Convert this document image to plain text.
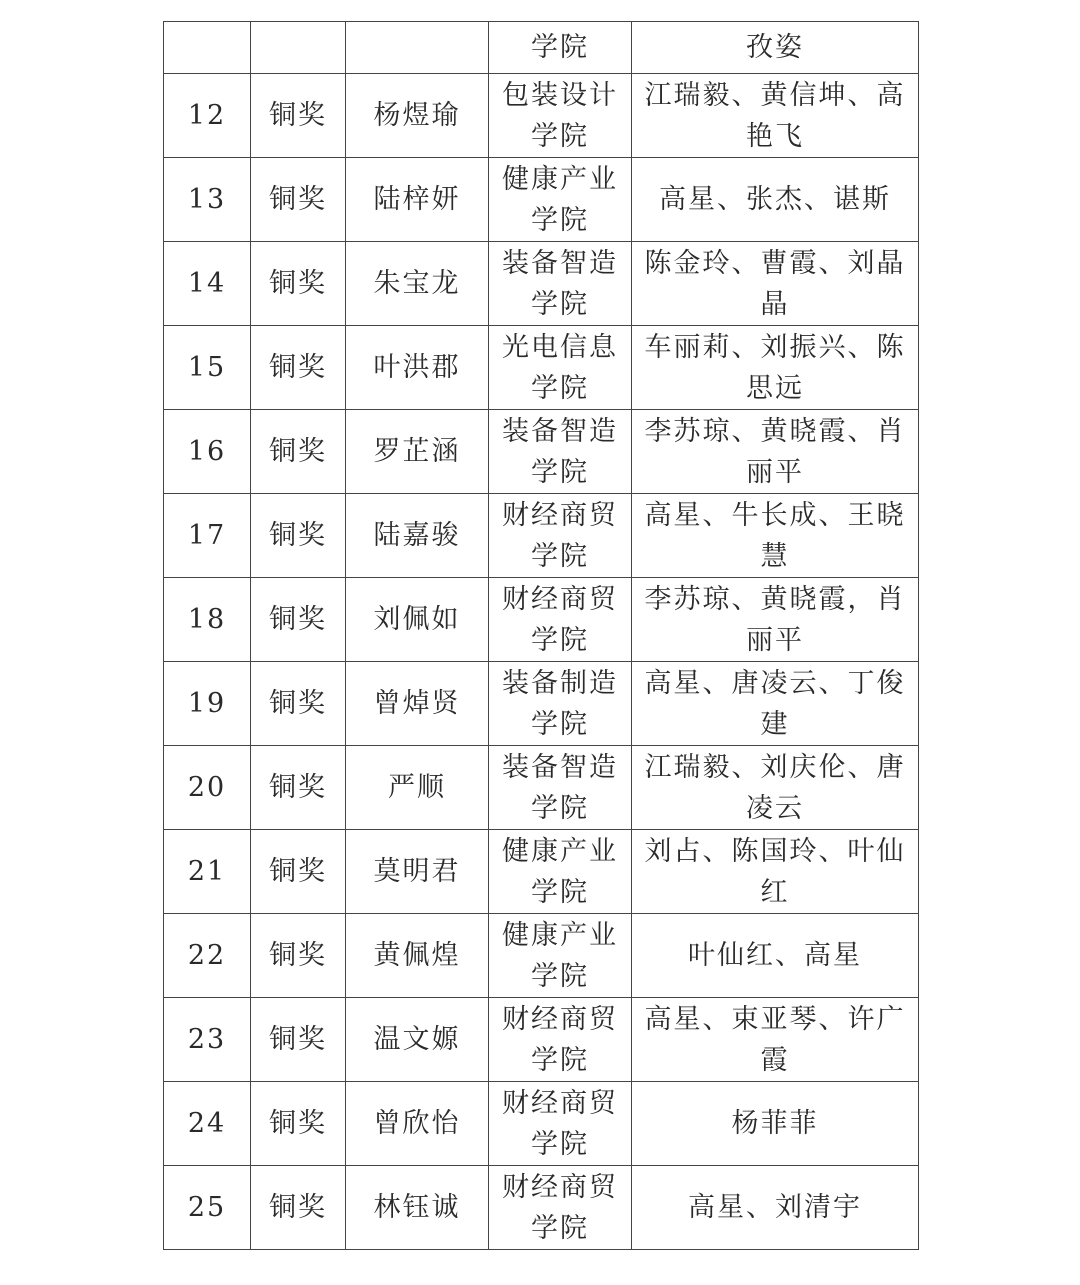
			学院	孜姿
12	铜奖	杨煜瑜	包装设计学院	江瑞毅、黄信坤、高艳飞
13	铜奖	陆梓妍	健康产业学院	高星、张杰、谌斯
14	铜奖	朱宝龙	装备智造学院	陈金玲、曹霞、刘晶晶
15	铜奖	叶洪郡	光电信息学院	车丽莉、刘振兴、陈思远
16	铜奖	罗芷涵	装备智造学院	李苏琼、黄晓霞、肖丽平
17	铜奖	陆嘉骏	财经商贸学院	高星、牛长成、王晓慧
18	铜奖	刘佩如	财经商贸学院	李苏琼、黄晓霞，肖丽平
19	铜奖	曾焯贤	装备制造学院	高星、唐凌云、丁俊建
20	铜奖	严顺	装备智造学院	江瑞毅、刘庆伦、唐凌云
21	铜奖	莫明君	健康产业学院	刘占、陈国玲、叶仙红
22	铜奖	黄佩煌	健康产业学院	叶仙红、高星
23	铜奖	温文嫄	财经商贸学院	高星、束亚琴、许广霞
24	铜奖	曾欣怡	财经商贸学院	杨菲菲
25	铜奖	林钰诚	财经商贸学院	高星、刘清宇
